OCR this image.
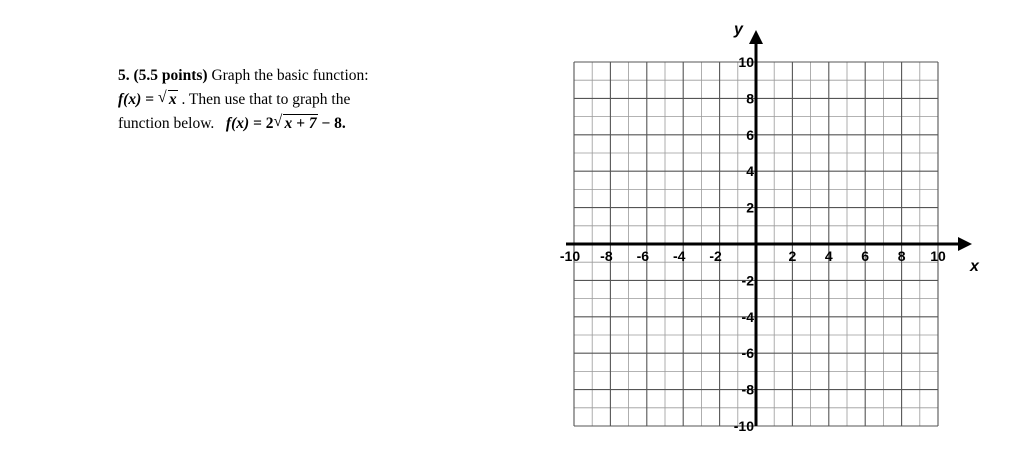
5. (5.5 points) Graph the basic function:
f(x) = √ x . Then use that to graph the
function below. f(x) = 2 √ x + 7 − 8.
-10 -8 -6 -4 -2	2 4 6 8 10
10
8
6
4
2
-2
-4
-6
-8
-10
x
y
